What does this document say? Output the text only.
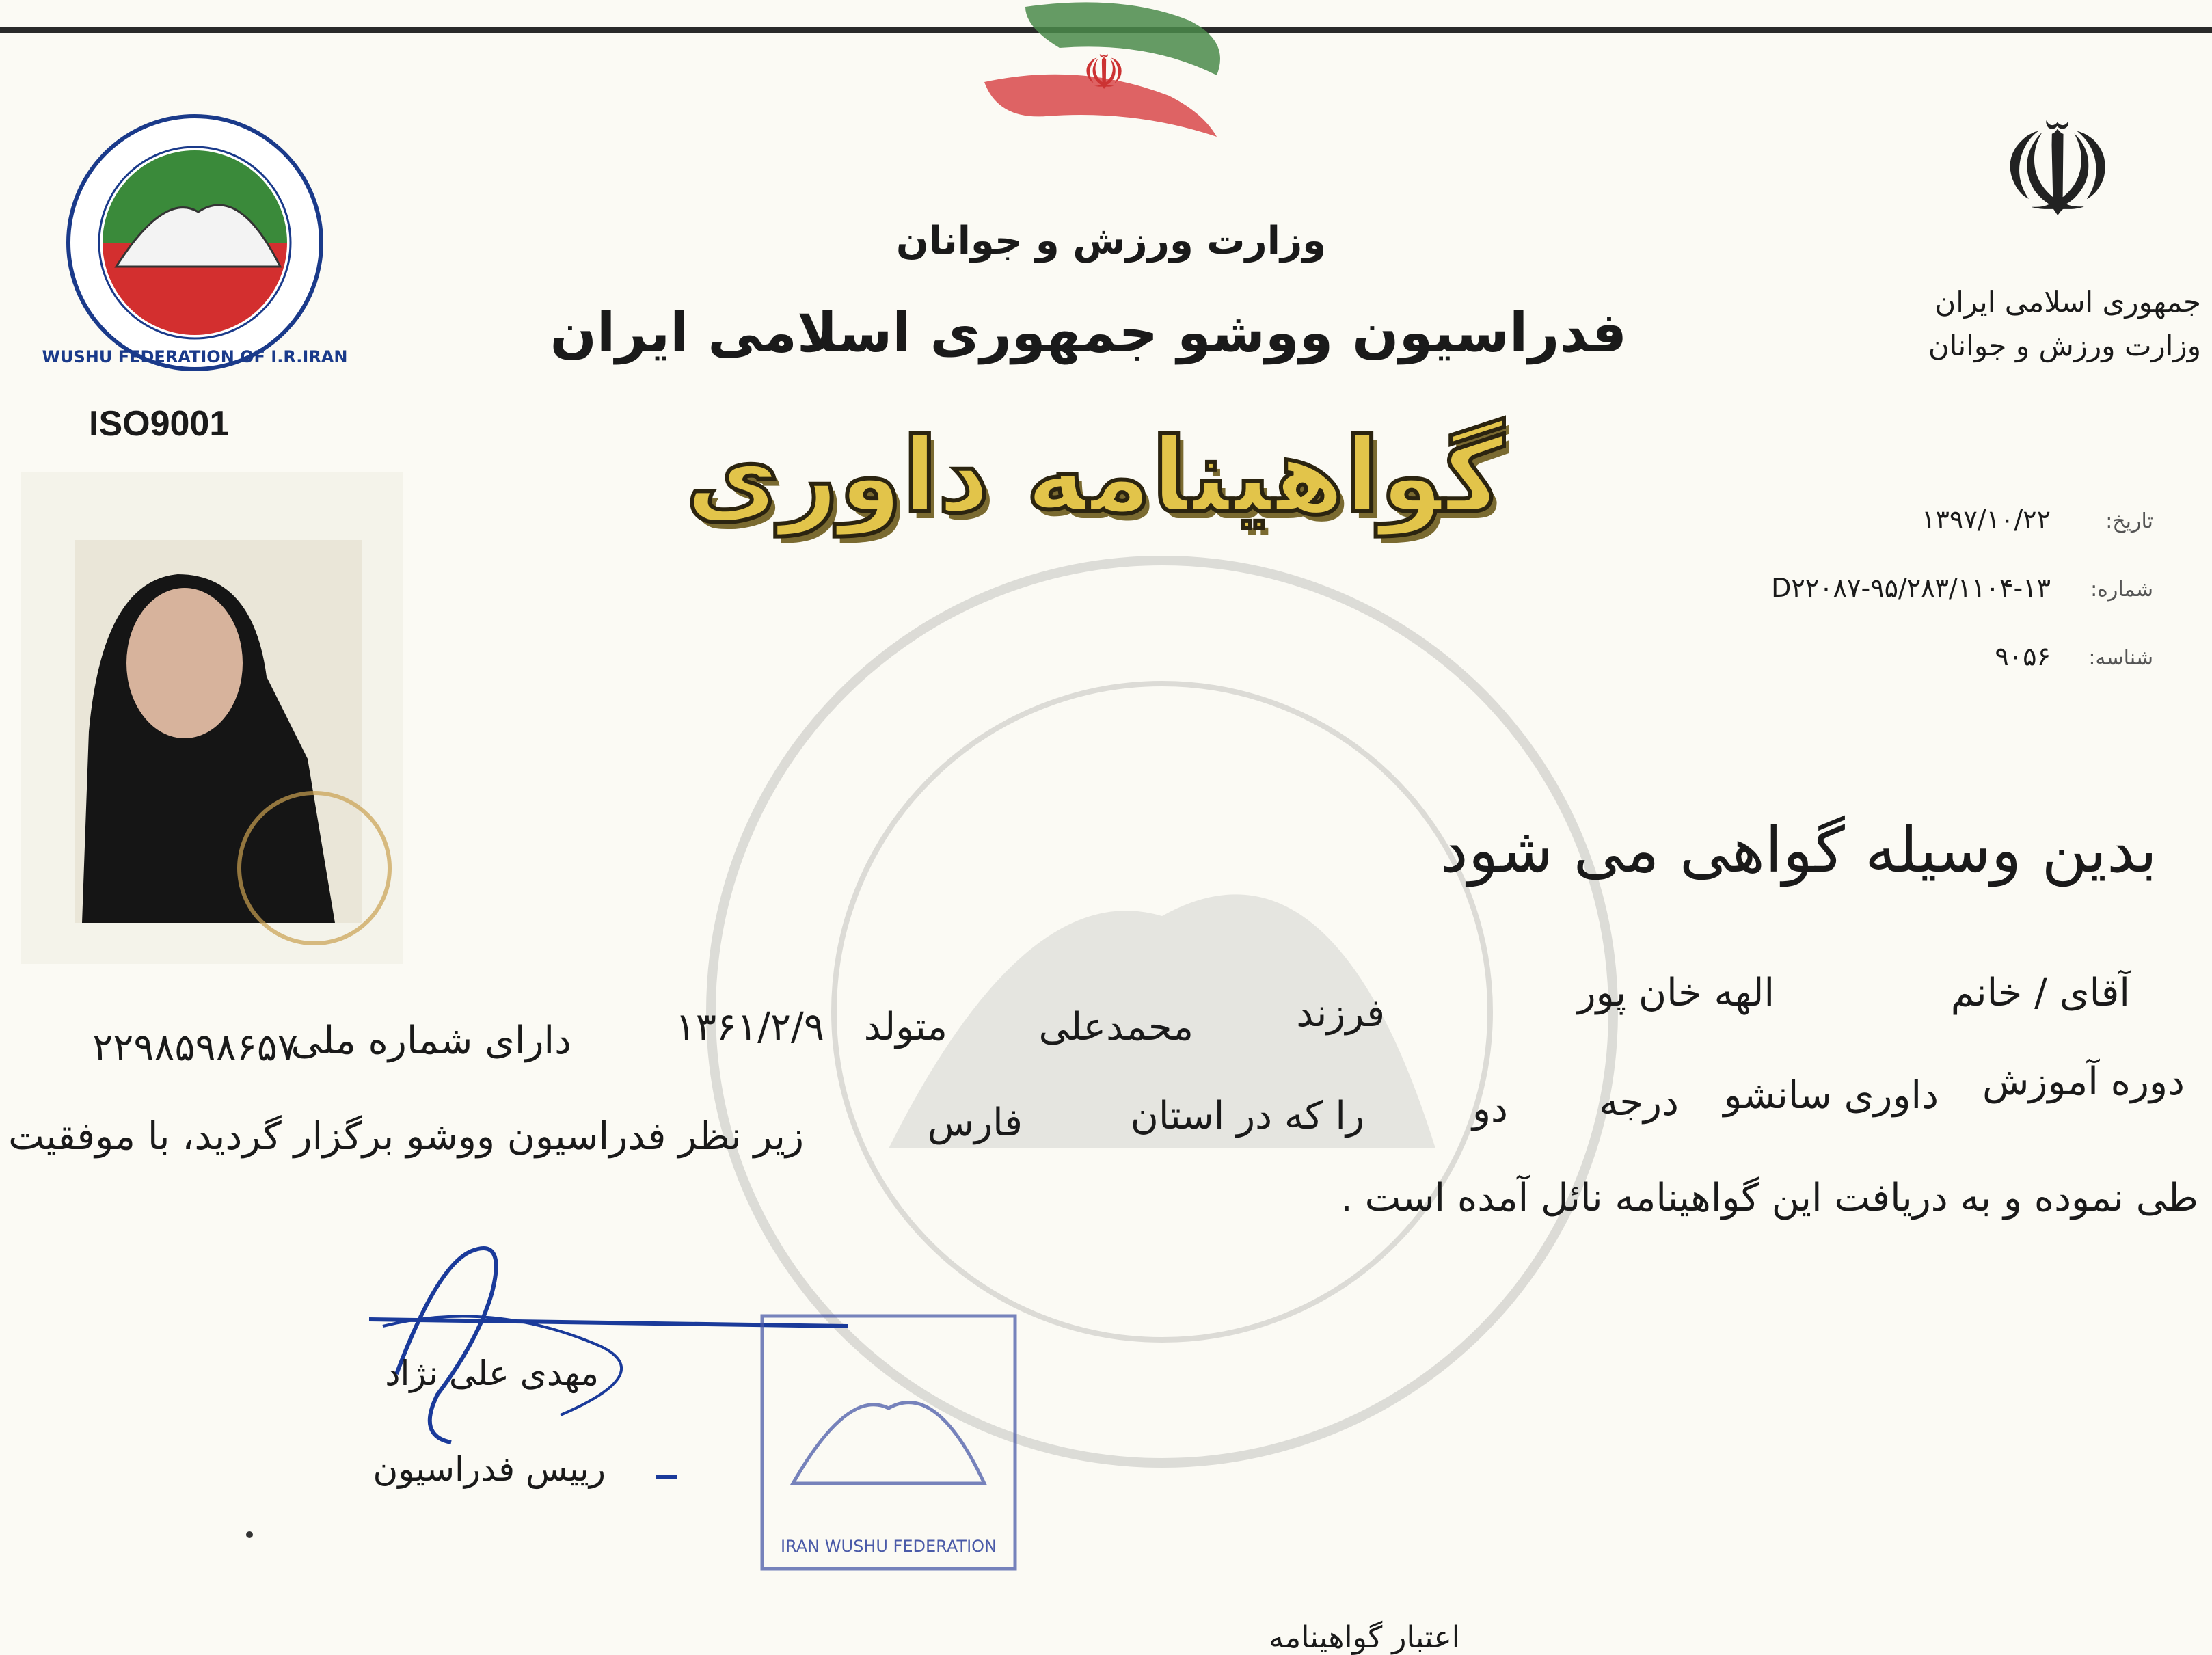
☫
وزارت ورزش و جوانان
فدراسیون ووشو جمهوری اسلامی ایران
گواهینامه داوری
☫
جمهوری اسلامی ایران
وزارت ورزش و جوانان
تاریخ:
۱۳۹۷/۱۰/۲۲
شماره:
D۲۲۰۸۷-۹۵/۲۸۳/۱۱۰۴-۱۳
شناسه:
۹۰۵۶
WUSHU FEDERATION OF I.R.IRAN
ISO9001
بدین وسیله گواهی می شود
آقای / خانم
الهه خان پور
فرزند
محمدعلی
متولد
۱۳۶۱/۲/۹
دارای شماره ملی
۲۲۹۸۵۹۸۶۵۷
دوره آموزش
داوری سانشو
درجه
دو
را که در استان
فارس
زیر نظر فدراسیون ووشو برگزار گردید، با موفقیت
طی نموده و به دریافت این گواهینامه نائل آمده است .
مهدی علی نژاد
رییس فدراسیون
IRAN WUSHU FEDERATION
اعتبار گواهینامه
